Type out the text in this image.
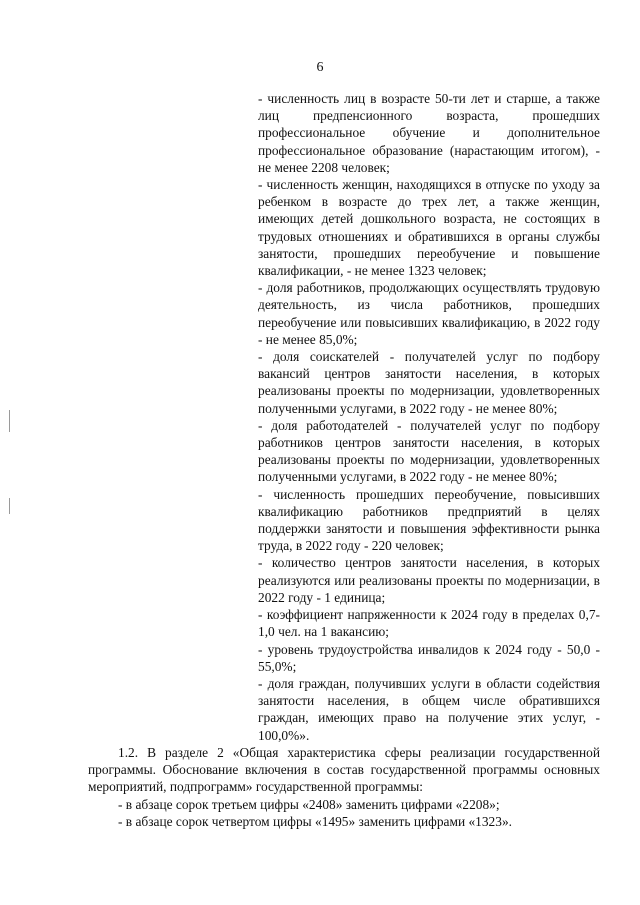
6

- численность лиц в возрасте 50-ти лет и старше, а также лиц предпенсионного возраста, прошедших профессиональное обучение и дополнительное профессиональное образование (нарастающим итогом), - не менее 2208 человек;

- численность женщин, находящихся в отпуске по уходу за ребенком в возрасте до трех лет, а также женщин, имеющих детей дошкольного возраста, не состоящих в трудовых отношениях и обратившихся в органы службы занятости, прошедших переобучение и повышение квалификации, - не менее 1323 человек;

- доля работников, продолжающих осуществлять трудовую деятельность, из числа работников, прошедших переобучение или повысивших квалификацию, в 2022 году - не менее 85,0%;

- доля соискателей - получателей услуг по подбору вакансий центров занятости населения, в которых реализованы проекты по модернизации, удовлетворенных полученными услугами, в 2022 году - не менее 80%;

- доля работодателей - получателей услуг по подбору работников центров занятости населения, в которых реализованы проекты по модернизации, удовлетворенных полученными услугами, в 2022 году - не менее 80%;

- численность прошедших переобучение, повысивших квалификацию работников предприятий в целях поддержки занятости и повышения эффективности рынка труда, в 2022 году - 220 человек;

- количество центров занятости населения, в которых реализуются или реализованы проекты по модернизации, в 2022 году - 1 единица;

- коэффициент напряженности к 2024 году в пределах 0,7-1,0 чел. на 1 вакансию;

- уровень трудоустройства инвалидов к 2024 году - 50,0 - 55,0%;

- доля граждан, получивших услуги в области содействия занятости населения, в общем числе обратившихся граждан, имеющих право на получение этих услуг, - 100,0%».

1.2. В разделе 2 «Общая характеристика сферы реализации государственной программы. Обоснование включения в состав государственной программы основных мероприятий, подпрограмм» государственной программы:

- в абзаце сорок третьем цифры «2408» заменить цифрами «2208»;

- в абзаце сорок четвертом цифры «1495» заменить цифрами «1323».
